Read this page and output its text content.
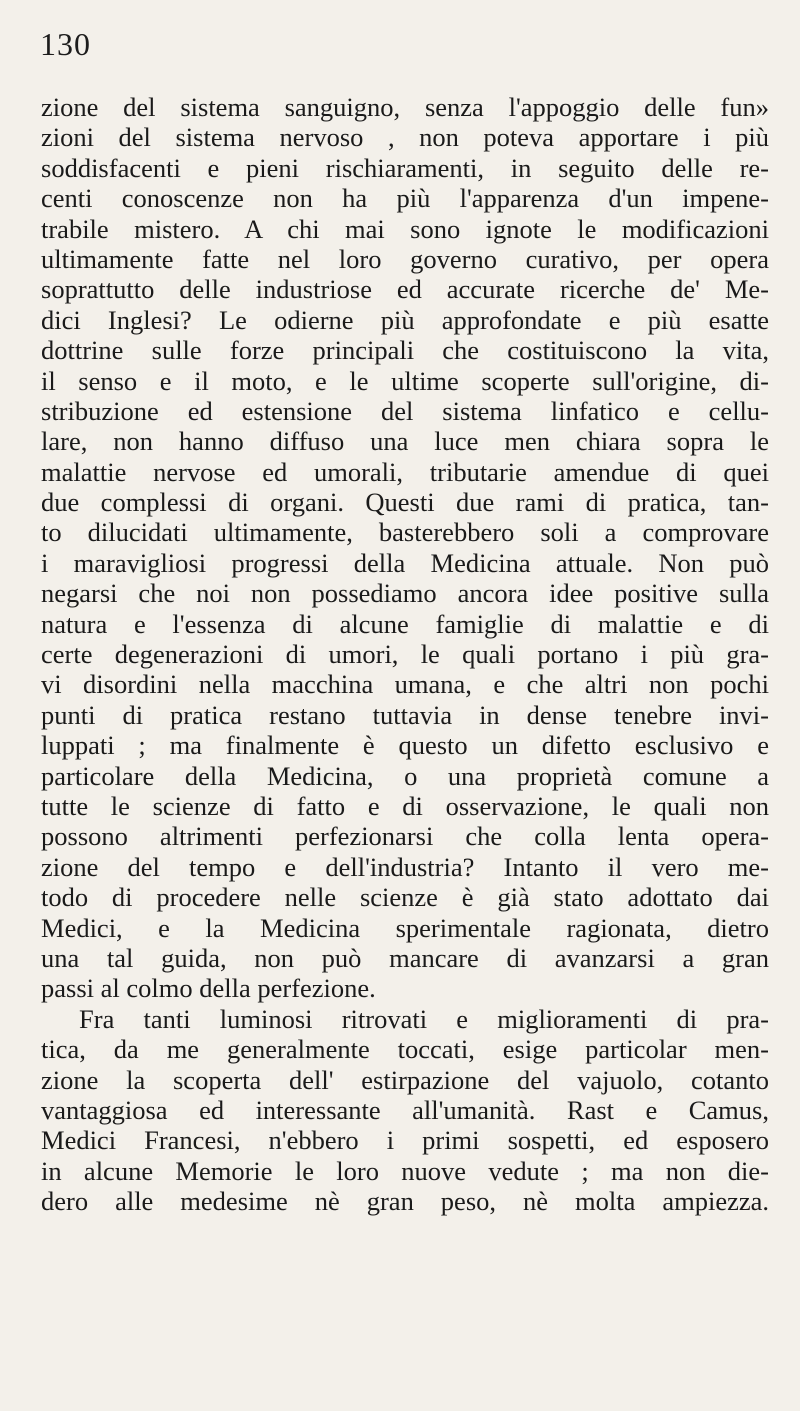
130
zione del sistema sanguigno, senza l'appoggio delle fun»
zioni del sistema nervoso , non poteva apportare i più
soddisfacenti e pieni rischiaramenti, in seguito delle re-
centi conoscenze non ha più l'apparenza d'un impene-
trabile mistero. A chi mai sono ignote le modificazioni
ultimamente fatte nel loro governo curativo, per opera
soprattutto delle industriose ed accurate ricerche de' Me-
dici Inglesi? Le odierne più approfondate e più esatte
dottrine sulle forze principali che costituiscono la vita,
il senso e il moto, e le ultime scoperte sull'origine, di-
stribuzione ed estensione del sistema linfatico e cellu-
lare, non hanno diffuso una luce men chiara sopra le
malattie nervose ed umorali, tributarie amendue di quei
due complessi di organi. Questi due rami di pratica, tan-
to dilucidati ultimamente, basterebbero soli a comprovare
i maravigliosi progressi della Medicina attuale. Non può
negarsi che noi non possediamo ancora idee positive sulla
natura e l'essenza di alcune famiglie di malattie e di
certe degenerazioni di umori, le quali portano i più gra-
vi disordini nella macchina umana, e che altri non pochi
punti di pratica restano tuttavia in dense tenebre invi-
luppati ; ma finalmente è questo un difetto esclusivo e
particolare della Medicina, o una proprietà comune a
tutte le scienze di fatto e di osservazione, le quali non
possono altrimenti perfezionarsi che colla lenta opera-
zione del tempo e dell'industria? Intanto il vero me-
todo di procedere nelle scienze è già stato adottato dai
Medici, e la Medicina sperimentale ragionata, dietro
una tal guida, non può mancare di avanzarsi a gran
passi al colmo della perfezione.
Fra tanti luminosi ritrovati e miglioramenti di pra-
tica, da me generalmente toccati, esige particolar men-
zione la scoperta dell' estirpazione del vajuolo, cotanto
vantaggiosa ed interessante all'umanità. Rast e Camus,
Medici Francesi, n'ebbero i primi sospetti, ed esposero
in alcune Memorie le loro nuove vedute ; ma non die-
dero alle medesime nè gran peso, nè molta ampiezza.
